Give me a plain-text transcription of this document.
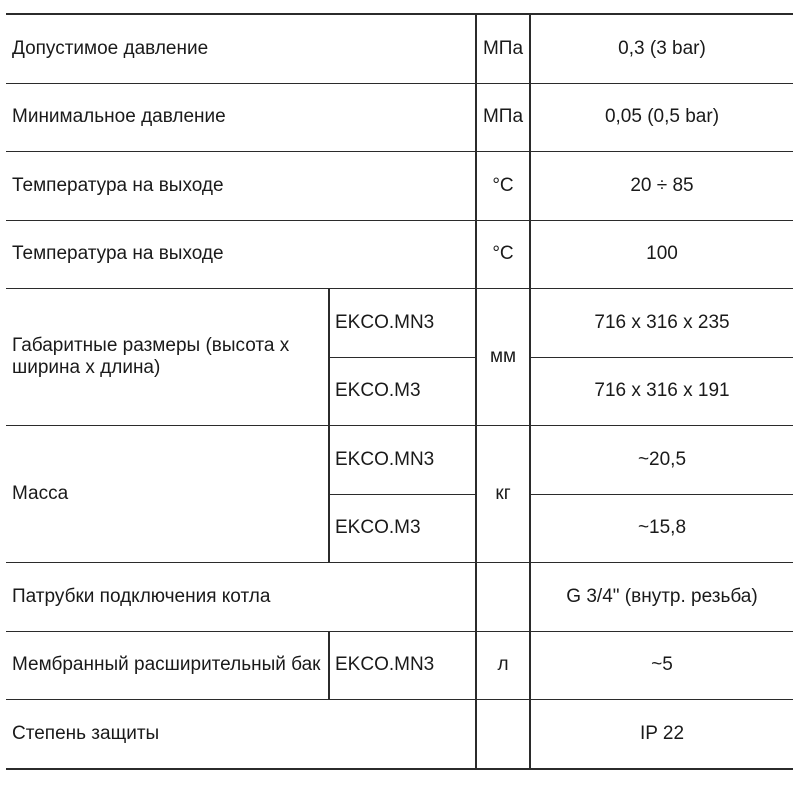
Допустимое давление		МПа	0,3 (3 bar)
Минимальное давление		МПа	0,05 (0,5 bar)
Температура на выходе		°C	20 ÷ 85
Температура на выходе		°C	100
Габаритные размеры (высота х ширина х длина)	EKCO.MN3	мм	716 x 316 x 235
	EKCO.M3		716 x 316 x 191
Масса	EKCO.MN3	кг	~20,5
	EKCO.M3		~15,8
Патрубки подключения котла			G 3/4" (внутр. резьба)
Мембранный расширительный бак	EKCO.MN3	л	~5
Степень защиты			IP 22
